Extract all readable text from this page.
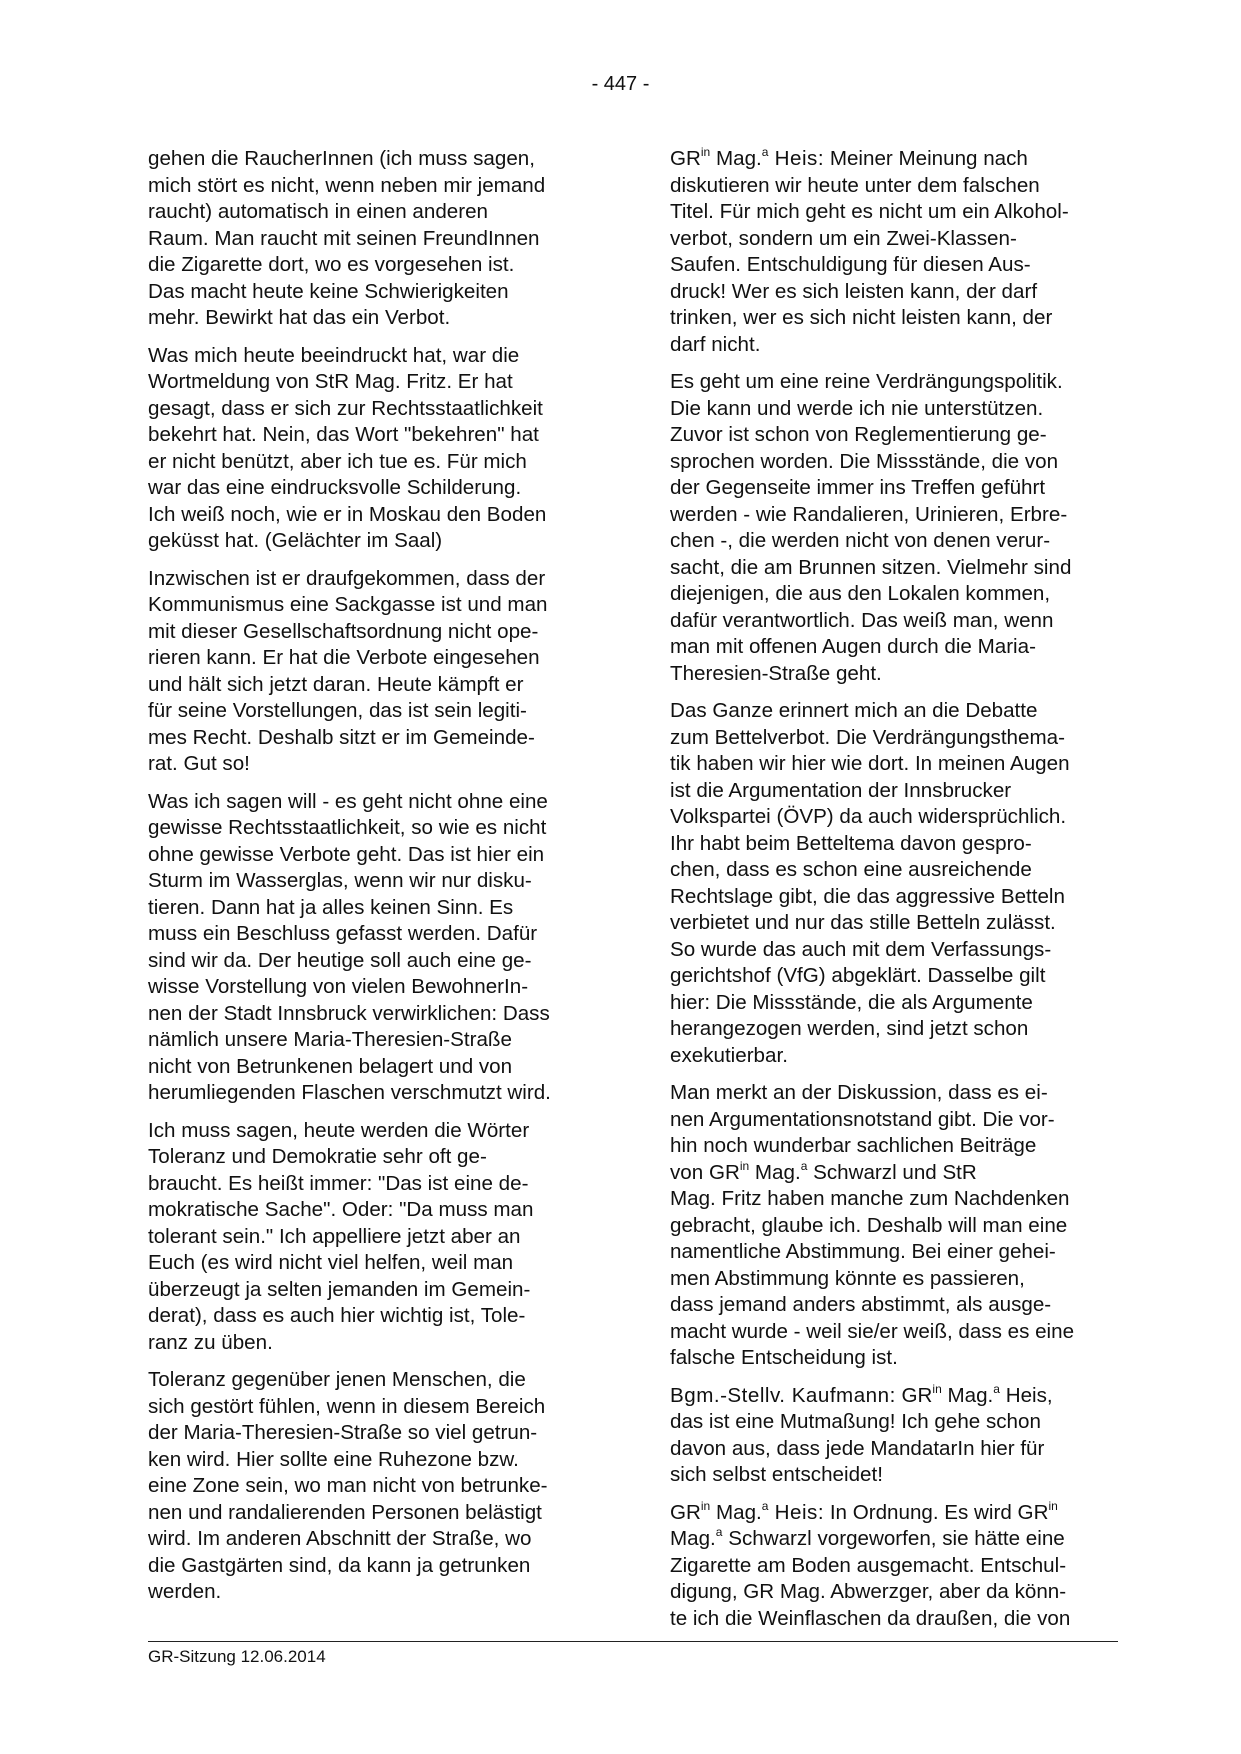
- 447 -

gehen die RaucherInnen (ich muss sagen,
mich stört es nicht, wenn neben mir jemand
raucht) automatisch in einen anderen
Raum. Man raucht mit seinen FreundInnen
die Zigarette dort, wo es vorgesehen ist.
Das macht heute keine Schwierigkeiten
mehr. Bewirkt hat das ein Verbot.

Was mich heute beeindruckt hat, war die
Wortmeldung von StR Mag. Fritz. Er hat
gesagt, dass er sich zur Rechtsstaatlichkeit
bekehrt hat. Nein, das Wort "bekehren" hat
er nicht benützt, aber ich tue es. Für mich
war das eine eindrucksvolle Schilderung.
Ich weiß noch, wie er in Moskau den Boden
geküsst hat. (Gelächter im Saal)

Inzwischen ist er draufgekommen, dass der
Kommunismus eine Sackgasse ist und man
mit dieser Gesellschaftsordnung nicht ope-
rieren kann. Er hat die Verbote eingesehen
und hält sich jetzt daran. Heute kämpft er
für seine Vorstellungen, das ist sein legiti-
mes Recht. Deshalb sitzt er im Gemeinde-
rat. Gut so!

Was ich sagen will - es geht nicht ohne eine
gewisse Rechtsstaatlichkeit, so wie es nicht
ohne gewisse Verbote geht. Das ist hier ein
Sturm im Wasserglas, wenn wir nur disku-
tieren. Dann hat ja alles keinen Sinn. Es
muss ein Beschluss gefasst werden. Dafür
sind wir da. Der heutige soll auch eine ge-
wisse Vorstellung von vielen BewohnerIn-
nen der Stadt Innsbruck verwirklichen: Dass
nämlich unsere Maria-Theresien-Straße
nicht von Betrunkenen belagert und von
herumliegenden Flaschen verschmutzt wird.

Ich muss sagen, heute werden die Wörter
Toleranz und Demokratie sehr oft ge-
braucht. Es heißt immer: "Das ist eine de-
mokratische Sache". Oder: "Da muss man
tolerant sein." Ich appelliere jetzt aber an
Euch (es wird nicht viel helfen, weil man
überzeugt ja selten jemanden im Gemein-
derat), dass es auch hier wichtig ist, Tole-
ranz zu üben.

Toleranz gegenüber jenen Menschen, die
sich gestört fühlen, wenn in diesem Bereich
der Maria-Theresien-Straße so viel getrun-
ken wird. Hier sollte eine Ruhezone bzw.
eine Zone sein, wo man nicht von betrunke-
nen und randalierenden Personen belästigt
wird. Im anderen Abschnitt der Straße, wo
die Gastgärten sind, da kann ja getrunken
werden.

$GR^{in}$ Mag.$^a$ Heis: Meiner Meinung nach
diskutieren wir heute unter dem falschen
Titel. Für mich geht es nicht um ein Alkohol-
verbot, sondern um ein Zwei-Klassen-
Saufen. Entschuldigung für diesen Aus-
druck! Wer es sich leisten kann, der darf
trinken, wer es sich nicht leisten kann, der
darf nicht.

Es geht um eine reine Verdrängungspolitik.
Die kann und werde ich nie unterstützen.
Zuvor ist schon von Reglementierung ge-
sprochen worden. Die Missstände, die von
der Gegenseite immer ins Treffen geführt
werden - wie Randalieren, Urinieren, Erbre-
chen -, die werden nicht von denen verur-
sacht, die am Brunnen sitzen. Vielmehr sind
diejenigen, die aus den Lokalen kommen,
dafür verantwortlich. Das weiß man, wenn
man mit offenen Augen durch die Maria-
Theresien-Straße geht.

Das Ganze erinnert mich an die Debatte
zum Bettelverbot. Die Verdrängungsthema-
tik haben wir hier wie dort. In meinen Augen
ist die Argumentation der Innsbrucker
Volkspartei (ÖVP) da auch widersprüchlich.
Ihr habt beim Betteltema davon gespro-
chen, dass es schon eine ausreichende
Rechtslage gibt, die das aggressive Betteln
verbietet und nur das stille Betteln zulässt.
So wurde das auch mit dem Verfassungs-
gerichtshof (VfG) abgeklärt. Dasselbe gilt
hier: Die Missstände, die als Argumente
herangezogen werden, sind jetzt schon
exekutierbar.

Man merkt an der Diskussion, dass es ei-
nen Argumentationsnotstand gibt. Die vor-
hin noch wunderbar sachlichen Beiträge
von $GR^{in}$ Mag.$^a$ Schwarzl und StR
Mag. Fritz haben manche zum Nachdenken
gebracht, glaube ich. Deshalb will man eine
namentliche Abstimmung. Bei einer gehei-
men Abstimmung könnte es passieren,
dass jemand anders abstimmt, als ausge-
macht wurde - weil sie/er weiß, dass es eine
falsche Entscheidung ist.

Bgm.-Stellv. Kaufmann: $GR^{in}$ Mag.$^a$ Heis,
das ist eine Mutmaßung! Ich gehe schon
davon aus, dass jede MandatarIn hier für
sich selbst entscheidet!

$GR^{in}$ Mag.$^a$ Heis: In Ordnung. Es wird $GR^{in}$
Mag.$^a$ Schwarzl vorgeworfen, sie hätte eine
Zigarette am Boden ausgemacht. Entschul-
digung, GR Mag. Abwerzger, aber da könn-
te ich die Weinflaschen da draußen, die von

GR-Sitzung 12.06.2014
